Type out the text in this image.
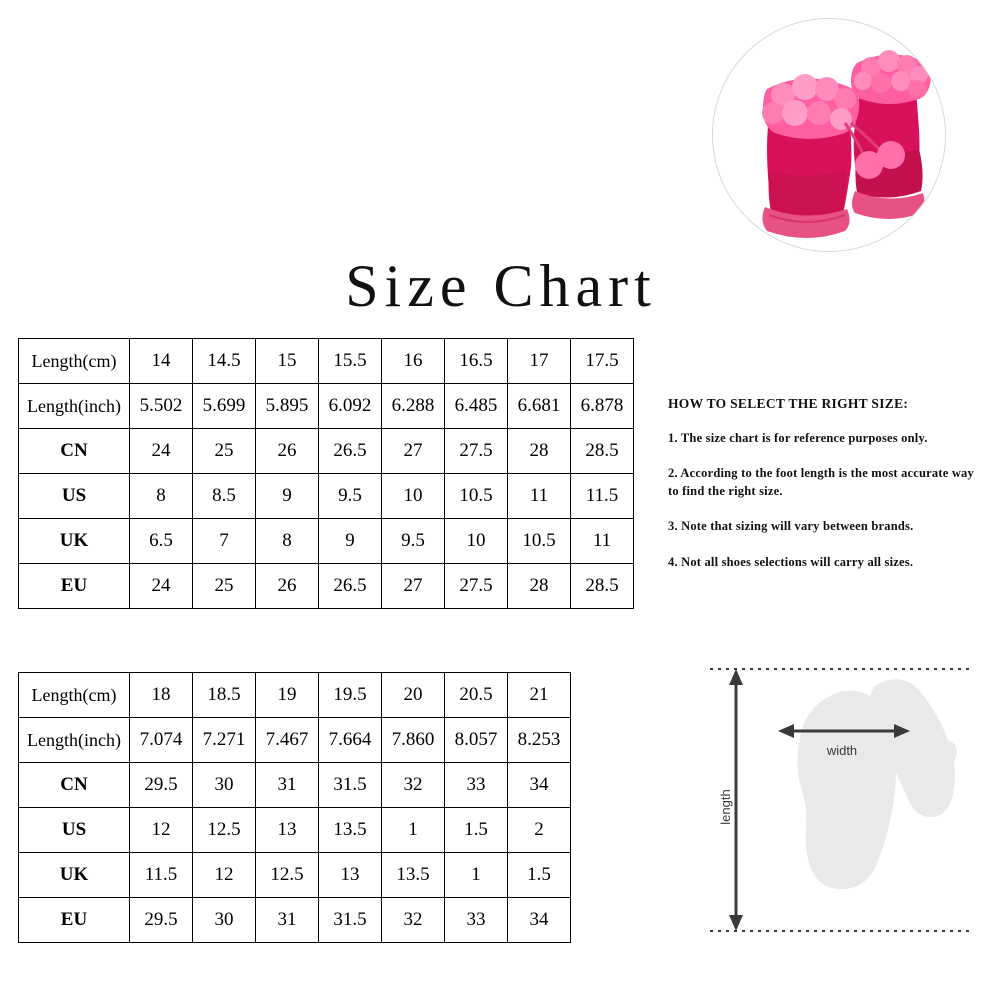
Size Chart
Length(cm)	14	14.5	15	15.5	16	16.5	17	17.5
Length(inch)	5.502	5.699	5.895	6.092	6.288	6.485	6.681	6.878
CN	24	25	26	26.5	27	27.5	28	28.5
US	8	8.5	9	9.5	10	10.5	11	11.5
UK	6.5	7	8	9	9.5	10	10.5	11
EU	24	25	26	26.5	27	27.5	28	28.5
Length(cm)	18	18.5	19	19.5	20	20.5	21
Length(inch)	7.074	7.271	7.467	7.664	7.860	8.057	8.253
CN	29.5	30	31	31.5	32	33	34
US	12	12.5	13	13.5	1	1.5	2
UK	11.5	12	12.5	13	13.5	1	1.5
EU	29.5	30	31	31.5	32	33	34
HOW TO SELECT THE RIGHT SIZE:
1. The size chart is for reference purposes only.
2. According to the foot length is the most accurate way to find the right size.
3. Note that sizing will vary between brands.
4. Not all shoes selections will carry all sizes.
length
width
